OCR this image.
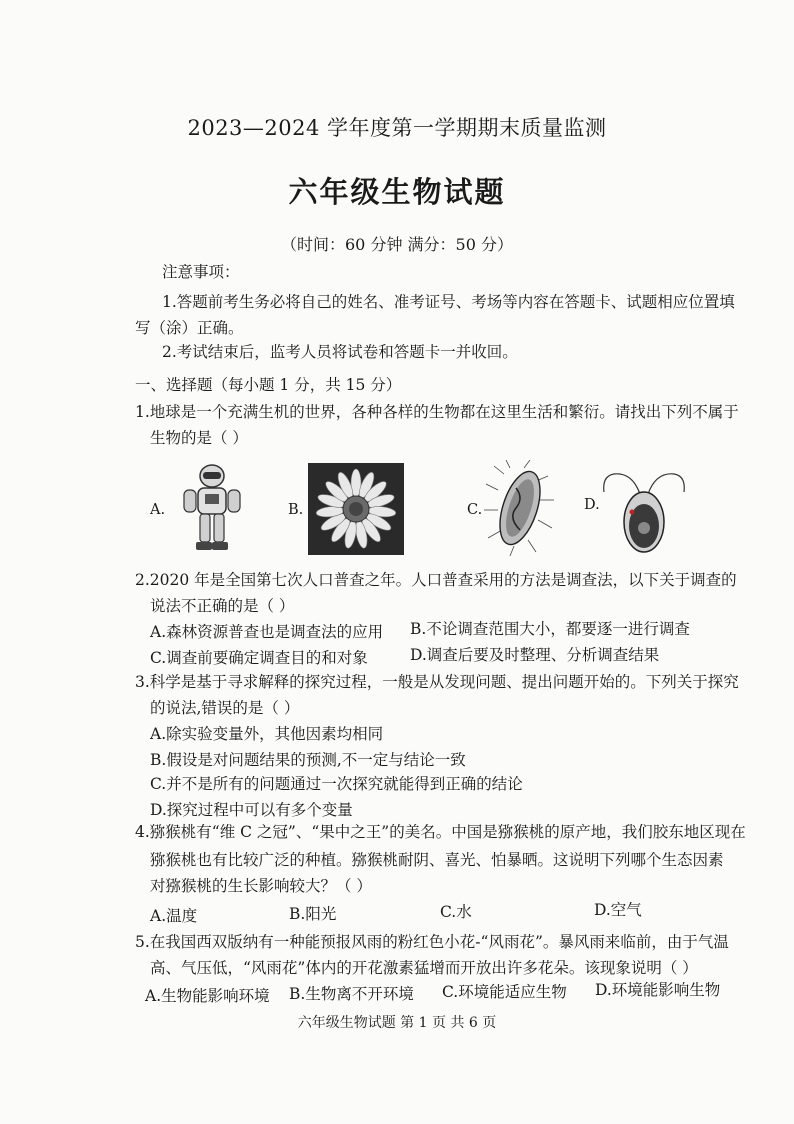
2023—2024 学年度第一学期期末质量监测
六年级生物试题
（时间：60 分钟 满分：50 分）
注意事项：
1.答题前考生务必将自己的姓名、准考证号、考场等内容在答题卡、试题相应位置填
写（涂）正确。
2.考试结束后，监考人员将试卷和答题卡一并收回。
一、选择题（每小题 1 分，共 15 分）
1.地球是一个充满生机的世界，各种各样的生物都在这里生活和繁衍。请找出下列不属于
生物的是（ ）
A.	B.	C.	D.
2.2020 年是全国第七次人口普查之年。人口普查采用的方法是调查法，以下关于调查的
说法不正确的是（ ）
A.森林资源普查也是调查法的应用 B.不论调查范围大小，都要逐一进行调查
C.调查前要确定调查目的和对象	D.调查后要及时整理、分析调查结果
3.科学是基于寻求解释的探究过程，一般是从发现问题、提出问题开始的。下列关于探究
的说法,错误的是（ ）
A.除实验变量外，其他因素均相同
B.假设是对问题结果的预测,不一定与结论一致
C.并不是所有的问题通过一次探究就能得到正确的结论
D.探究过程中可以有多个变量
4.猕猴桃有“维 C 之冠”、“果中之王”的美名。中国是猕猴桃的原产地，我们胶东地区现在
猕猴桃也有比较广泛的种植。猕猴桃耐阴、喜光、怕暴晒。这说明下列哪个生态因素
对猕猴桃的生长影响较大？（ ）
A.温度	B.阳光	C.水	D.空气
5.在我国西双版纳有一种能预报风雨的粉红色小花-“风雨花”。暴风雨来临前，由于气温
高、气压低，“风雨花”体内的开花激素猛增而开放出许多花朵。该现象说明（ ）
A.生物能影响环境 B.生物离不开环境 C.环境能适应生物 D.环境能影响生物
六年级生物试题 第 1 页 共 6 页
